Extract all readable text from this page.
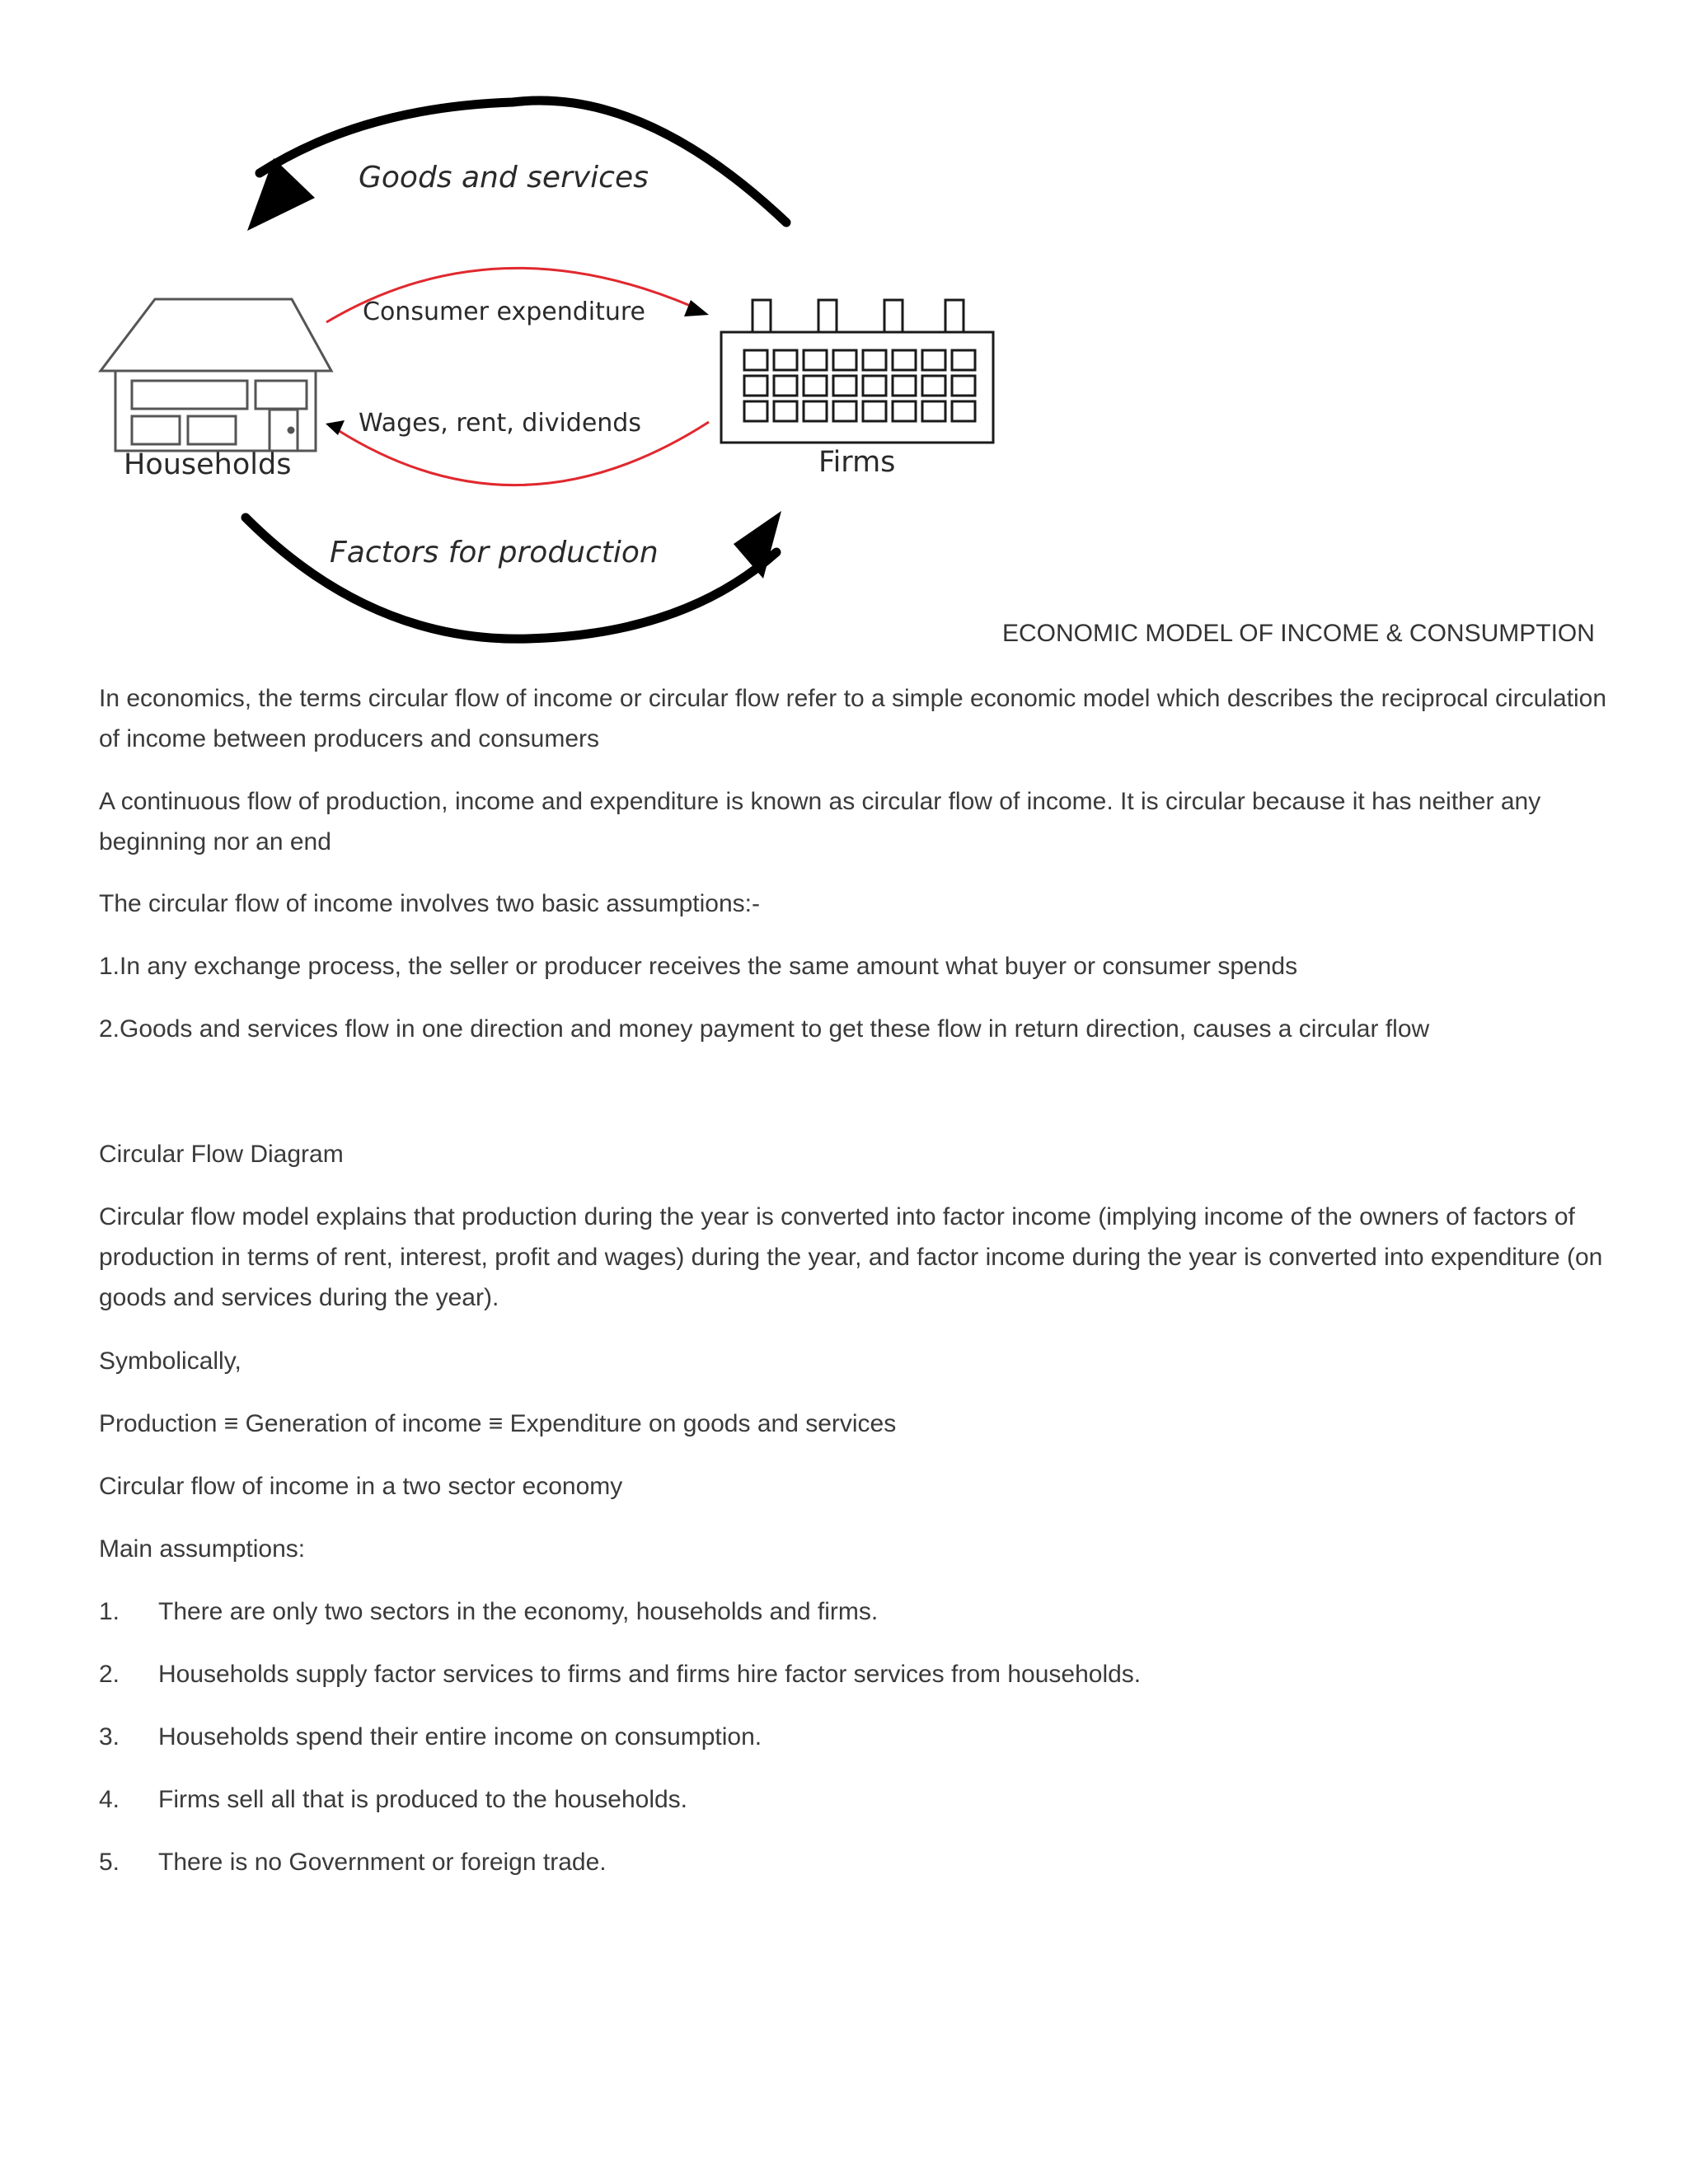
Goods and services
Consumer expenditure
Wages, rent, dividends
Households	Firms
Factors for production
ECONOMIC MODEL OF INCOME & CONSUMPTION

In economics, the terms circular flow of income or circular flow refer to a simple economic model which describes the reciprocal circulation of income between producers and consumers

A continuous flow of production, income and expenditure is known as circular flow of income. It is circular because it has neither any beginning nor an end

The circular flow of income involves two basic assumptions:-

1.In any exchange process, the seller or producer receives the same amount what buyer or consumer spends

2.Goods and services flow in one direction and money payment to get these flow in return direction, causes a circular flow

Circular Flow Diagram

Circular flow model explains that production during the year is converted into factor income (implying income of the owners of factors of production in terms of rent, interest, profit and wages) during the year, and factor income during the year is converted into expenditure (on goods and services during the year).

Symbolically,

Production ≡ Generation of income ≡ Expenditure on goods and services

Circular flow of income in a two sector economy

Main assumptions:

1. There are only two sectors in the economy, households and firms.
2. Households supply factor services to firms and firms hire factor services from households.
3. Households spend their entire income on consumption.
4. Firms sell all that is produced to the households.
5. There is no Government or foreign trade.
